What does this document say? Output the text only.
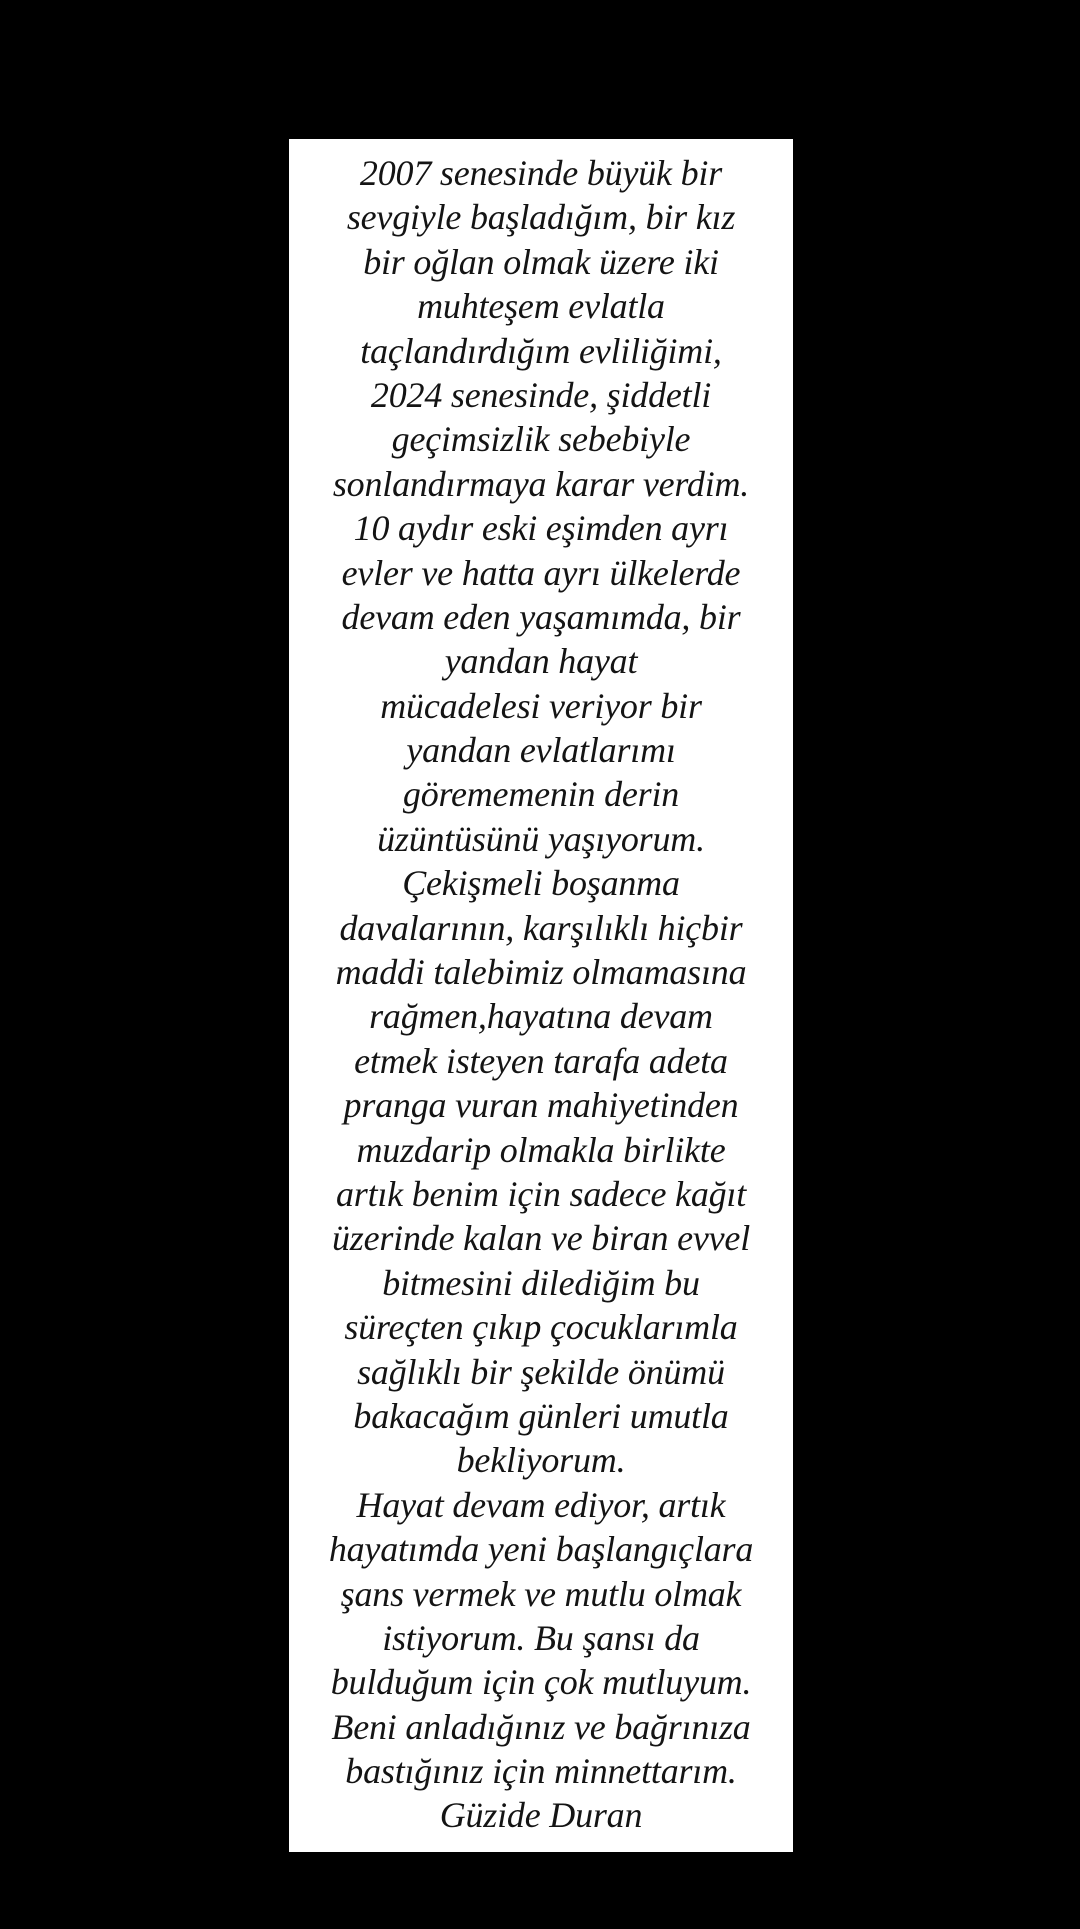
2007 senesinde büyük bir
sevgiyle başladığım, bir kız
bir oğlan olmak üzere iki
muhteşem evlatla
taçlandırdığım evliliğimi,
2024 senesinde, şiddetli
geçimsizlik sebebiyle
sonlandırmaya karar verdim.
10 aydır eski eşimden ayrı
evler ve hatta ayrı ülkelerde
devam eden yaşamımda, bir
yandan hayat
mücadelesi veriyor bir
yandan evlatlarımı
görememenin derin
üzüntüsünü yaşıyorum.
Çekişmeli boşanma
davalarının, karşılıklı hiçbir
maddi talebimiz olmamasına
rağmen,hayatına devam
etmek isteyen tarafa adeta
pranga vuran mahiyetinden
muzdarip olmakla birlikte
artık benim için sadece kağıt
üzerinde kalan ve biran evvel
bitmesini dilediğim bu
süreçten çıkıp çocuklarımla
sağlıklı bir şekilde önümü
bakacağım günleri umutla
bekliyorum.
Hayat devam ediyor, artık
hayatımda yeni başlangıçlara
şans vermek ve mutlu olmak
istiyorum. Bu şansı da
bulduğum için çok mutluyum.
Beni anladığınız ve bağrınıza
bastığınız için minnettarım.
Güzide Duran
